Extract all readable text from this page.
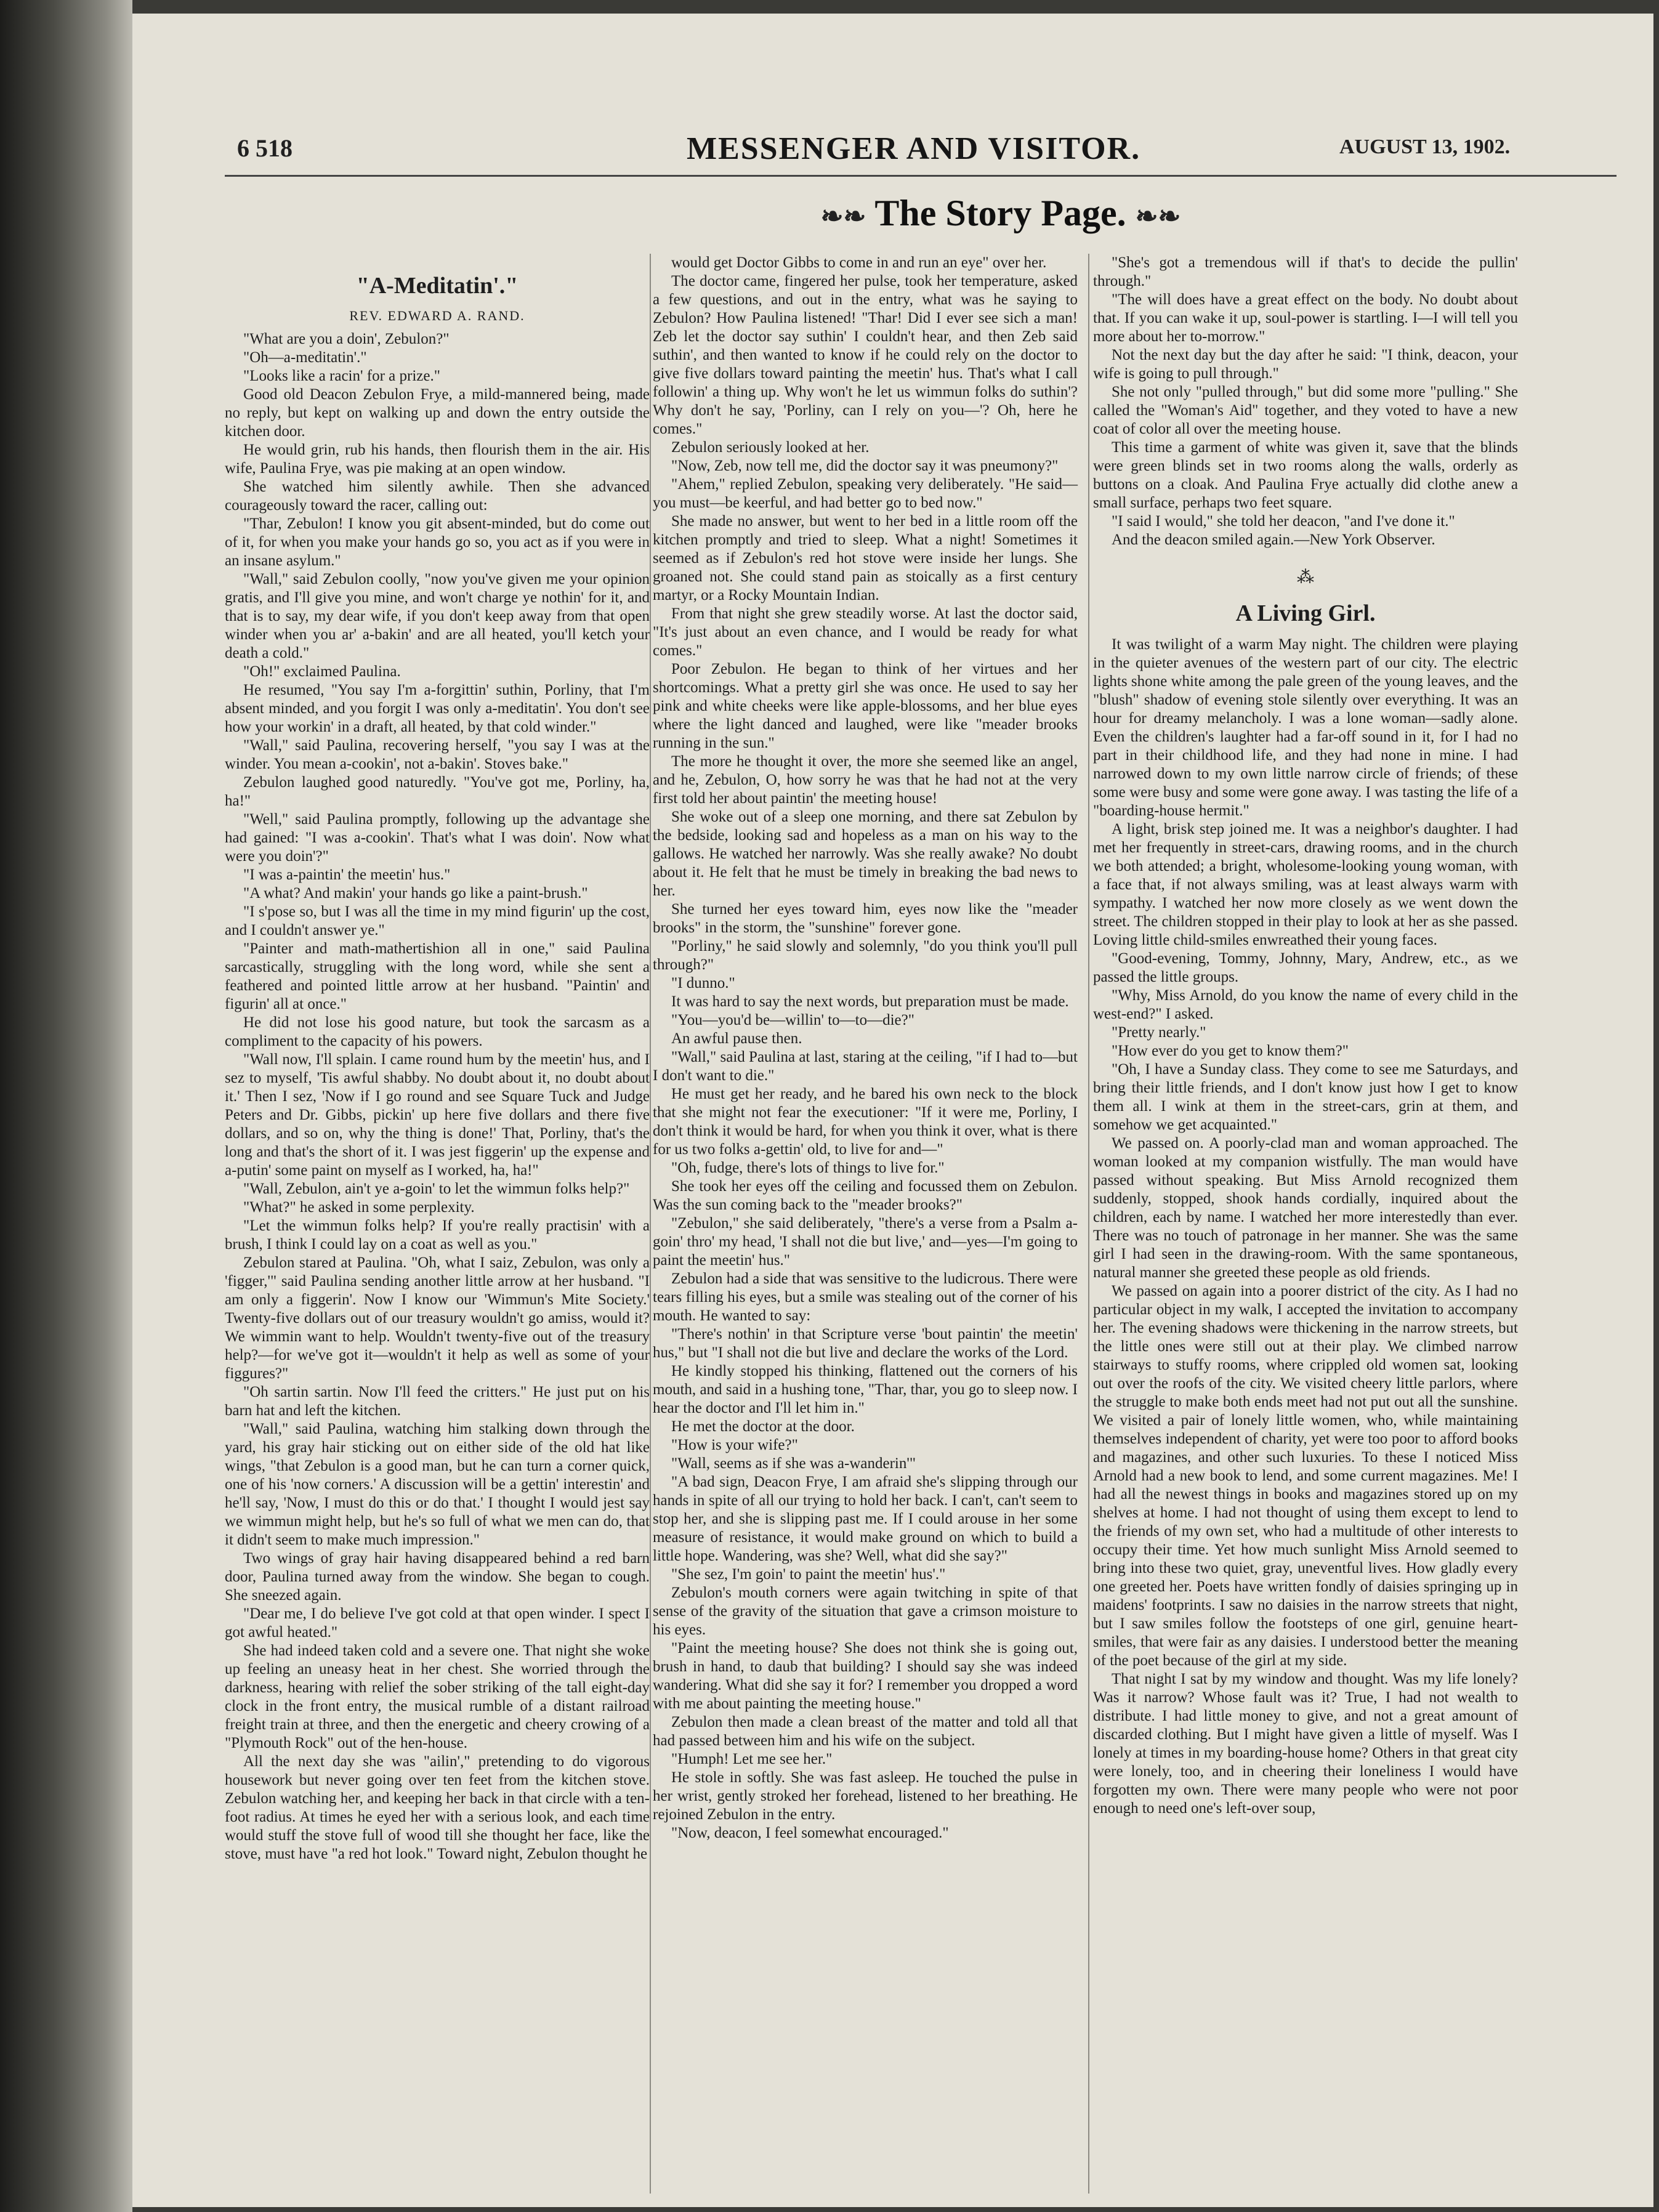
6 518	MESSENGER AND VISITOR.	AUGUST 13, 1902.
❧❧ The Story Page. ❧❧
"A-Meditatin'."
REV. EDWARD A. RAND.

"What are you a doin', Zebulon?"

"Oh—a-meditatin'."

"Looks like a racin' for a prize."

Good old Deacon Zebulon Frye, a mild-mannered being, made no reply, but kept on walking up and down the entry outside the kitchen door.

He would grin, rub his hands, then flourish them in the air. His wife, Paulina Frye, was pie making at an open window.

She watched him silently awhile. Then she advanced courageously toward the racer, calling out:

"Thar, Zebulon! I know you git absent-minded, but do come out of it, for when you make your hands go so, you act as if you were in an insane asylum."

"Wall," said Zebulon coolly, "now you've given me your opinion gratis, and I'll give you mine, and won't charge ye nothin' for it, and that is to say, my dear wife, if you don't keep away from that open winder when you ar' a-bakin' and are all heated, you'll ketch your death a cold."

"Oh!" exclaimed Paulina.

He resumed, "You say I'm a-forgittin' suthin, Porliny, that I'm absent minded, and you forgit I was only a-meditatin'. You don't see how your workin' in a draft, all heated, by that cold winder."

"Wall," said Paulina, recovering herself, "you say I was at the winder. You mean a-cookin', not a-bakin'. Stoves bake."

Zebulon laughed good naturedly. "You've got me, Porliny, ha, ha!"

"Well," said Paulina promptly, following up the advantage she had gained: "I was a-cookin'. That's what I was doin'. Now what were you doin'?"

"I was a-paintin' the meetin' hus."

"A what? And makin' your hands go like a paint-brush."

"I s'pose so, but I was all the time in my mind figurin' up the cost, and I couldn't answer ye."

"Painter and math-mathertishion all in one," said Paulina sarcastically, struggling with the long word, while she sent a feathered and pointed little arrow at her husband. "Paintin' and figurin' all at once."

He did not lose his good nature, but took the sarcasm as a compliment to the capacity of his powers.

"Wall now, I'll splain. I came round hum by the meetin' hus, and I sez to myself, 'Tis awful shabby. No doubt about it, no doubt about it.' Then I sez, 'Now if I go round and see Square Tuck and Judge Peters and Dr. Gibbs, pickin' up here five dollars and there five dollars, and so on, why the thing is done!' That, Porliny, that's the long and that's the short of it. I was jest figgerin' up the expense and a-putin' some paint on myself as I worked, ha, ha!"

"Wall, Zebulon, ain't ye a-goin' to let the wimmun folks help?"

"What?" he asked in some perplexity.

"Let the wimmun folks help? If you're really practisin' with a brush, I think I could lay on a coat as well as you."

Zebulon stared at Paulina. "Oh, what I saiz, Zebulon, was only a 'figger,'" said Paulina sending another little arrow at her husband. "I am only a figgerin'. Now I know our 'Wimmun's Mite Society.' Twenty-five dollars out of our treasury wouldn't go amiss, would it? We wimmin want to help. Wouldn't twenty-five out of the treasury help?—for we've got it—wouldn't it help as well as some of your figgures?"

"Oh sartin sartin. Now I'll feed the critters." He just put on his barn hat and left the kitchen.

"Wall," said Paulina, watching him stalking down through the yard, his gray hair sticking out on either side of the old hat like wings, "that Zebulon is a good man, but he can turn a corner quick, one of his 'now corners.' A discussion will be a gettin' interestin' and he'll say, 'Now, I must do this or do that.' I thought I would jest say we wimmun might help, but he's so full of what we men can do, that it didn't seem to make much impression."

Two wings of gray hair having disappeared behind a red barn door, Paulina turned away from the window. She began to cough. She sneezed again.

"Dear me, I do believe I've got cold at that open winder. I spect I got awful heated."

She had indeed taken cold and a severe one. That night she woke up feeling an uneasy heat in her chest. She worried through the darkness, hearing with relief the sober striking of the tall eight-day clock in the front entry, the musical rumble of a distant railroad freight train at three, and then the energetic and cheery crowing of a "Plymouth Rock" out of the hen-house.

All the next day she was "ailin'," pretending to do vigorous housework but never going over ten feet from the kitchen stove. Zebulon watching her, and keeping her back in that circle with a ten-foot radius. At times he eyed her with a serious look, and each time would stuff the stove full of wood till she thought her face, like the stove, must have "a red hot look." Toward night, Zebulon thought he

would get Doctor Gibbs to come in and run an eye" over her.

The doctor came, fingered her pulse, took her temperature, asked a few questions, and out in the entry, what was he saying to Zebulon? How Paulina listened! "Thar! Did I ever see sich a man! Zeb let the doctor say suthin' I couldn't hear, and then Zeb said suthin', and then wanted to know if he could rely on the doctor to give five dollars toward painting the meetin' hus. That's what I call followin' a thing up. Why won't he let us wimmun folks do suthin'? Why don't he say, 'Porliny, can I rely on you—'? Oh, here he comes."

Zebulon seriously looked at her.

"Now, Zeb, now tell me, did the doctor say it was pneumony?"

"Ahem," replied Zebulon, speaking very deliberately. "He said—you must—be keerful, and had better go to bed now."

She made no answer, but went to her bed in a little room off the kitchen promptly and tried to sleep. What a night! Sometimes it seemed as if Zebulon's red hot stove were inside her lungs. She groaned not. She could stand pain as stoically as a first century martyr, or a Rocky Mountain Indian.

From that night she grew steadily worse. At last the doctor said, "It's just about an even chance, and I would be ready for what comes."

Poor Zebulon. He began to think of her virtues and her shortcomings. What a pretty girl she was once. He used to say her pink and white cheeks were like apple-blossoms, and her blue eyes where the light danced and laughed, were like "meader brooks running in the sun."

The more he thought it over, the more she seemed like an angel, and he, Zebulon, O, how sorry he was that he had not at the very first told her about paintin' the meeting house!

She woke out of a sleep one morning, and there sat Zebulon by the bedside, looking sad and hopeless as a man on his way to the gallows. He watched her narrowly. Was she really awake? No doubt about it. He felt that he must be timely in breaking the bad news to her.

She turned her eyes toward him, eyes now like the "meader brooks" in the storm, the "sunshine" forever gone.

"Porliny," he said slowly and solemnly, "do you think you'll pull through?"

"I dunno."

It was hard to say the next words, but preparation must be made.

"You—you'd be—willin' to—to—die?"

An awful pause then.

"Wall," said Paulina at last, staring at the ceiling, "if I had to—but I don't want to die."

He must get her ready, and he bared his own neck to the block that she might not fear the executioner: "If it were me, Porliny, I don't think it would be hard, for when you think it over, what is there for us two folks a-gettin' old, to live for and—"

"Oh, fudge, there's lots of things to live for."

She took her eyes off the ceiling and focussed them on Zebulon. Was the sun coming back to the "meader brooks?"

"Zebulon," she said deliberately, "there's a verse from a Psalm a-goin' thro' my head, 'I shall not die but live,' and—yes—I'm going to paint the meetin' hus."

Zebulon had a side that was sensitive to the ludicrous. There were tears filling his eyes, but a smile was stealing out of the corner of his mouth. He wanted to say:

"There's nothin' in that Scripture verse 'bout paintin' the meetin' hus," but "I shall not die but live and declare the works of the Lord.

He kindly stopped his thinking, flattened out the corners of his mouth, and said in a hushing tone, "Thar, thar, you go to sleep now. I hear the doctor and I'll let him in."

He met the doctor at the door.

"How is your wife?"

"Wall, seems as if she was a-wanderin'"

"A bad sign, Deacon Frye, I am afraid she's slipping through our hands in spite of all our trying to hold her back. I can't, can't seem to stop her, and she is slipping past me. If I could arouse in her some measure of resistance, it would make ground on which to build a little hope. Wandering, was she? Well, what did she say?"

"She sez, I'm goin' to paint the meetin' hus'."

Zebulon's mouth corners were again twitching in spite of that sense of the gravity of the situation that gave a crimson moisture to his eyes.

"Paint the meeting house? She does not think she is going out, brush in hand, to daub that building? I should say she was indeed wandering. What did she say it for? I remember you dropped a word with me about painting the meeting house."

Zebulon then made a clean breast of the matter and told all that had passed between him and his wife on the subject.

"Humph! Let me see her."

He stole in softly. She was fast asleep. He touched the pulse in her wrist, gently stroked her forehead, listened to her breathing. He rejoined Zebulon in the entry.

"Now, deacon, I feel somewhat encouraged."

"She's got a tremendous will if that's to decide the pullin' through."

"The will does have a great effect on the body. No doubt about that. If you can wake it up, soul-power is startling. I—I will tell you more about her to-morrow."

Not the next day but the day after he said: "I think, deacon, your wife is going to pull through."

She not only "pulled through," but did some more "pulling." She called the "Woman's Aid" together, and they voted to have a new coat of color all over the meeting house.

This time a garment of white was given it, save that the blinds were green blinds set in two rooms along the walls, orderly as buttons on a cloak. And Paulina Frye actually did clothe anew a small surface, perhaps two feet square.

"I said I would," she told her deacon, "and I've done it."

And the deacon smiled again.—New York Observer.

⁂
A Living Girl.

It was twilight of a warm May night. The children were playing in the quieter avenues of the western part of our city. The electric lights shone white among the pale green of the young leaves, and the "blush" shadow of evening stole silently over everything. It was an hour for dreamy melancholy. I was a lone woman—sadly alone. Even the children's laughter had a far-off sound in it, for I had no part in their childhood life, and they had none in mine. I had narrowed down to my own little narrow circle of friends; of these some were busy and some were gone away. I was tasting the life of a "boarding-house hermit."

A light, brisk step joined me. It was a neighbor's daughter. I had met her frequently in street-cars, drawing rooms, and in the church we both attended; a bright, wholesome-looking young woman, with a face that, if not always smiling, was at least always warm with sympathy. I watched her now more closely as we went down the street. The children stopped in their play to look at her as she passed. Loving little child-smiles enwreathed their young faces.

"Good-evening, Tommy, Johnny, Mary, Andrew, etc., as we passed the little groups.

"Why, Miss Arnold, do you know the name of every child in the west-end?" I asked.

"Pretty nearly."

"How ever do you get to know them?"

"Oh, I have a Sunday class. They come to see me Saturdays, and bring their little friends, and I don't know just how I get to know them all. I wink at them in the street-cars, grin at them, and somehow we get acquainted."

We passed on. A poorly-clad man and woman approached. The woman looked at my companion wistfully. The man would have passed without speaking. But Miss Arnold recognized them suddenly, stopped, shook hands cordially, inquired about the children, each by name. I watched her more interestedly than ever. There was no touch of patronage in her manner. She was the same girl I had seen in the drawing-room. With the same spontaneous, natural manner she greeted these people as old friends.

We passed on again into a poorer district of the city. As I had no particular object in my walk, I accepted the invitation to accompany her. The evening shadows were thickening in the narrow streets, but the little ones were still out at their play. We climbed narrow stairways to stuffy rooms, where crippled old women sat, looking out over the roofs of the city. We visited cheery little parlors, where the struggle to make both ends meet had not put out all the sunshine. We visited a pair of lonely little women, who, while maintaining themselves independent of charity, yet were too poor to afford books and magazines, and other such luxuries. To these I noticed Miss Arnold had a new book to lend, and some current magazines. Me! I had all the newest things in books and magazines stored up on my shelves at home. I had not thought of using them except to lend to the friends of my own set, who had a multitude of other interests to occupy their time. Yet how much sunlight Miss Arnold seemed to bring into these two quiet, gray, uneventful lives. How gladly every one greeted her. Poets have written fondly of daisies springing up in maidens' footprints. I saw no daisies in the narrow streets that night, but I saw smiles follow the footsteps of one girl, genuine heart-smiles, that were fair as any daisies. I understood better the meaning of the poet because of the girl at my side.

That night I sat by my window and thought. Was my life lonely? Was it narrow? Whose fault was it? True, I had not wealth to distribute. I had little money to give, and not a great amount of discarded clothing. But I might have given a little of myself. Was I lonely at times in my boarding-house home? Others in that great city were lonely, too, and in cheering their loneliness I would have forgotten my own. There were many people who were not poor enough to need one's left-over soup,
